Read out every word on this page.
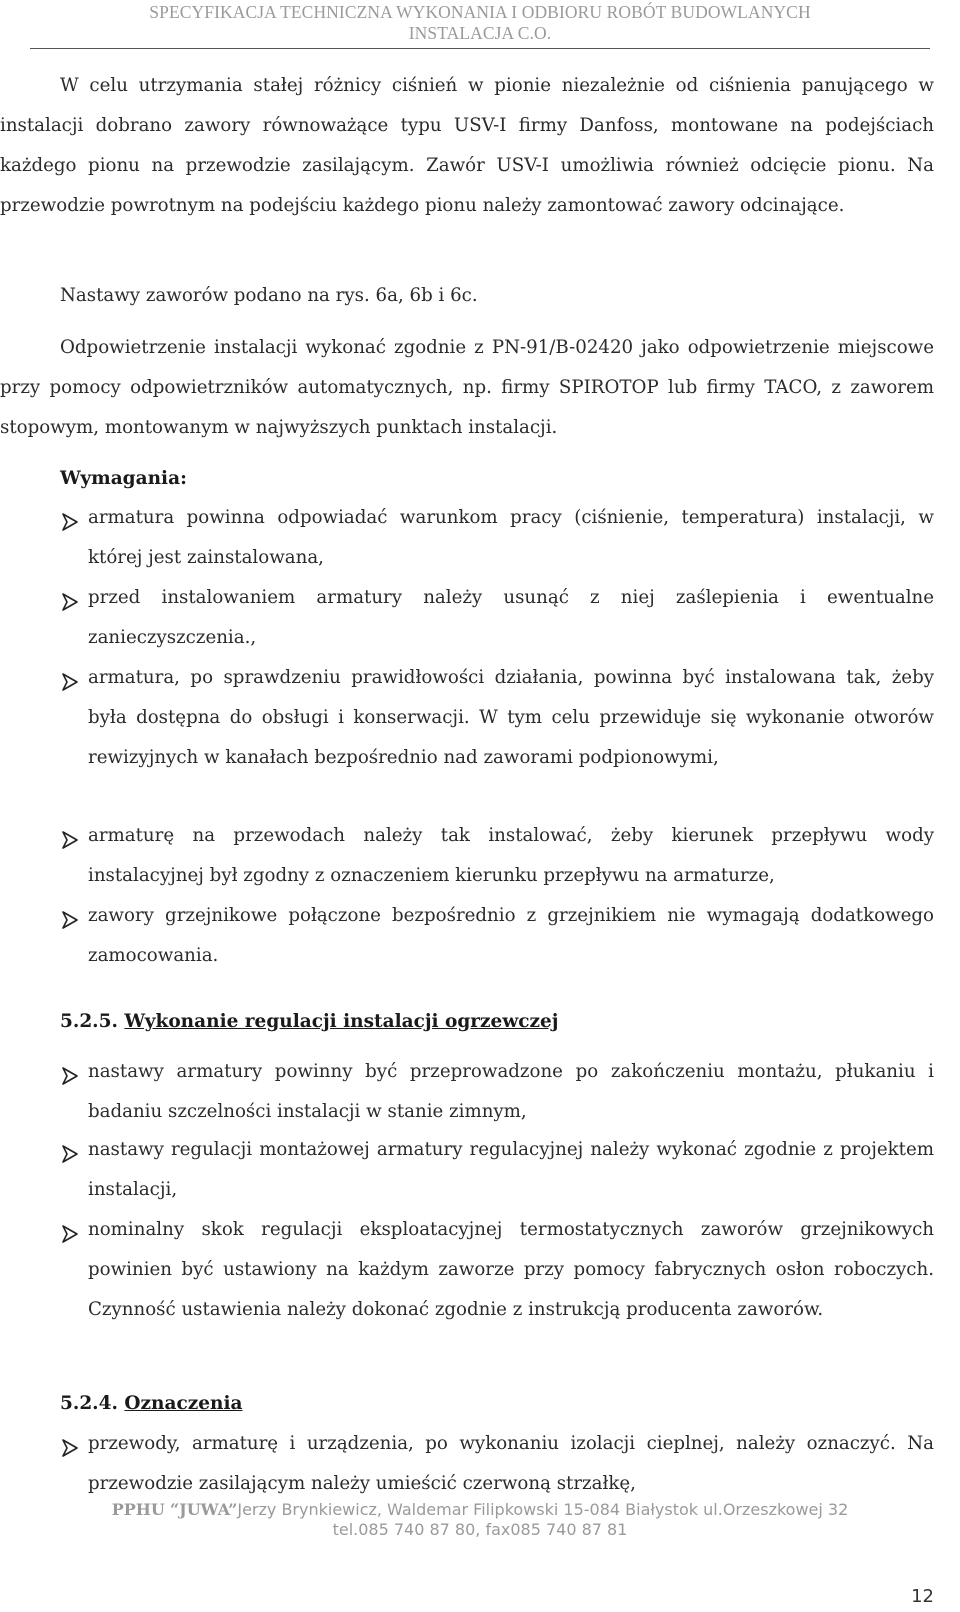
SPECYFIKACJA TECHNICZNA WYKONANIA I ODBIORU ROBÓT BUDOWLANYCH
INSTALACJA C.O.
W celu utrzymania stałej różnicy ciśnień w pionie niezależnie od ciśnienia panującego w instalacji dobrano zawory równoważące typu USV-I firmy Danfoss, montowane na podejściach każdego pionu na przewodzie zasilającym. Zawór USV-I umożliwia również odcięcie pionu. Na przewodzie powrotnym na podejściu każdego pionu należy zamontować zawory odcinające.
Nastawy zaworów podano na rys. 6a, 6b i 6c.
Odpowietrzenie instalacji wykonać zgodnie z PN-91/B-02420 jako odpowietrzenie miejscowe przy pomocy odpowietrzników automatycznych, np. firmy SPIROTOP lub firmy TACO, z zaworem stopowym, montowanym w najwyższych punktach instalacji.
Wymagania:
armatura powinna odpowiadać warunkom pracy (ciśnienie, temperatura) instalacji, w której jest zainstalowana,
przed instalowaniem armatury należy usunąć z niej zaślepienia i ewentualne zanieczyszczenia.,
armatura, po sprawdzeniu prawidłowości działania, powinna być instalowana tak, żeby była dostępna do obsługi i konserwacji. W tym celu przewiduje się wykonanie otworów rewizyjnych w kanałach bezpośrednio nad zaworami podpionowymi,
armaturę na przewodach należy tak instalować, żeby kierunek przepływu wody instalacyjnej był zgodny z oznaczeniem kierunku przepływu na armaturze,
zawory grzejnikowe połączone bezpośrednio z grzejnikiem nie wymagają dodatkowego zamocowania.
5.2.5. Wykonanie regulacji instalacji ogrzewczej
nastawy armatury powinny być przeprowadzone po zakończeniu montażu, płukaniu i badaniu szczelności instalacji w stanie zimnym,
nastawy regulacji montażowej armatury regulacyjnej należy wykonać zgodnie z projektem instalacji,
nominalny skok regulacji eksploatacyjnej termostatycznych zaworów grzejnikowych powinien być ustawiony na każdym zaworze przy pomocy fabrycznych osłon roboczych. Czynność ustawienia należy dokonać zgodnie z instrukcją producenta zaworów.
5.2.4. Oznaczenia
przewody, armaturę i urządzenia, po wykonaniu izolacji cieplnej, należy oznaczyć. Na przewodzie zasilającym należy umieścić czerwoną strzałkę,
PPHU “JUWA”Jerzy Brynkiewicz, Waldemar Filipkowski 15-084 Białystok ul.Orzeszkowej 32
tel.085 740 87 80, fax085 740 87 81
12
